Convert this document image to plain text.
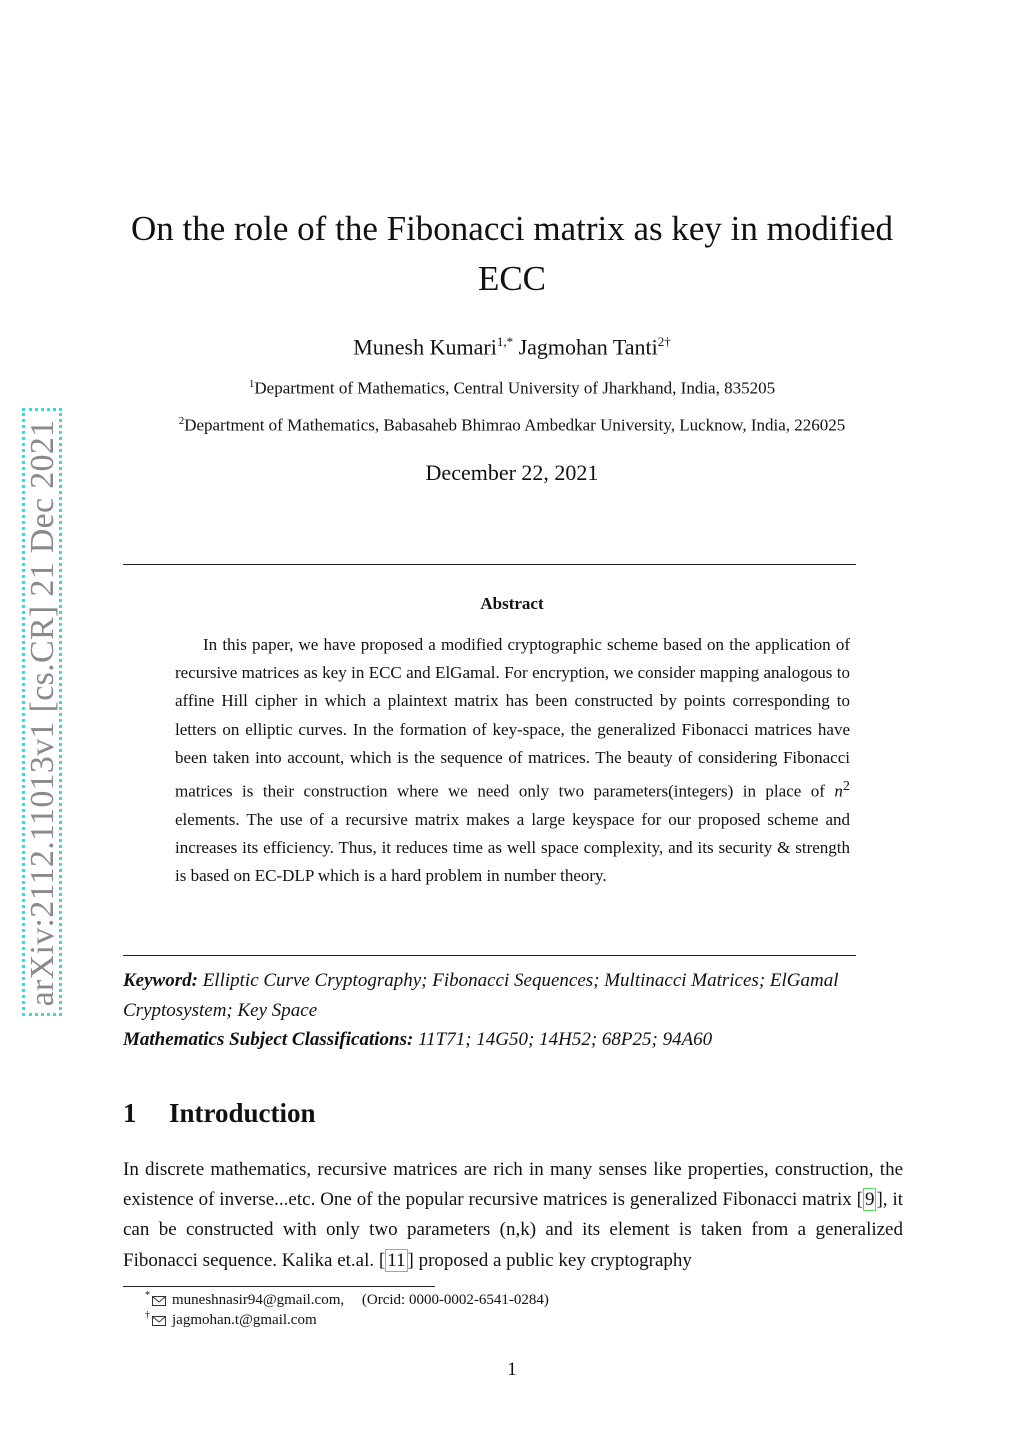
arXiv:2112.11013v1 [cs.CR] 21 Dec 2021
On the role of the Fibonacci matrix as key in modified ECC
Munesh Kumari$^{1,*}$ Jagmohan Tanti$^{2\dagger}$
$^1$Department of Mathematics, Central University of Jharkhand, India, 835205
$^2$Department of Mathematics, Babasaheb Bhimrao Ambedkar University, Lucknow, India, 226025
December 22, 2021
Abstract
In this paper, we have proposed a modified cryptographic scheme based on the application of recursive matrices as key in ECC and ElGamal. For encryption, we consider mapping analogous to affine Hill cipher in which a plaintext matrix has been constructed by points corresponding to letters on elliptic curves. In the formation of key-space, the generalized Fibonacci matrices have been taken into account, which is the sequence of matrices. The beauty of considering Fibonacci matrices is their construction where we need only two parameters(integers) in place of $n^2$ elements. The use of a recursive matrix makes a large keyspace for our proposed scheme and increases its efficiency. Thus, it reduces time as well space complexity, and its security & strength is based on EC-DLP which is a hard problem in number theory.
Keyword: Elliptic Curve Cryptography; Fibonacci Sequences; Multinacci Matrices; ElGamal Cryptosystem; Key Space
Mathematics Subject Classifications: 11T71; 14G50; 14H52; 68P25; 94A60
1 Introduction
In discrete mathematics, recursive matrices are rich in many senses like properties, construction, the existence of inverse...etc. One of the popular recursive matrices is generalized Fibonacci matrix [ 9 ], it can be constructed with only two parameters (n,k) and its element is taken from a generalized Fibonacci sequence. Kalika et.al. [ 11 ] proposed a public key cryptography
* muneshnasir94@gmail.com, (Orcid: 0000-0002-6541-0284)
† jagmohan.t@gmail.com
1
